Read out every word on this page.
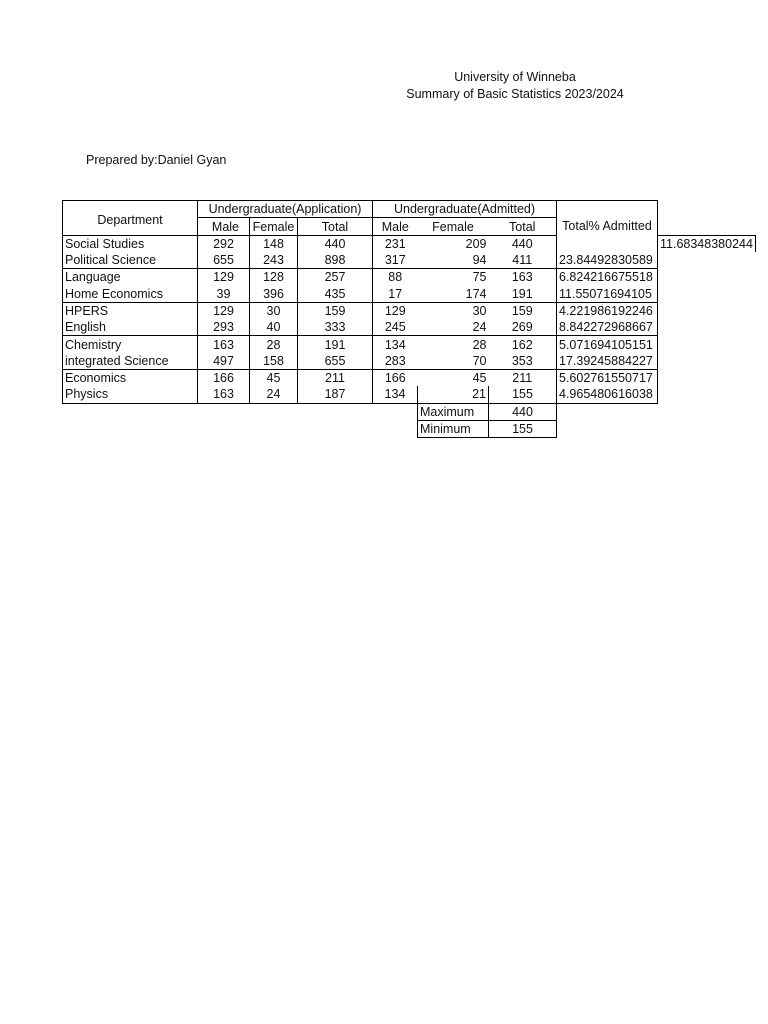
University of Winneba
Summary of Basic Statistics 2023/2024
Prepared by:Daniel Gyan
Department	Undergraduate(Application)			Undergraduate(Admitted)			Total% Admitted	
	Male	Female	Total	Male	Female	Total		
Social Studies	292	148	440	231	209	440		11.68348380244
Political Science	655	243	898	317	94	411	23.84492830589	
Language	129	128	257	88	75	163	6.824216675518	
Home Economics	39	396	435	17	174	191	11.55071694105	
HPERS	129	30	159	129	30	159	4.221986192246	
English	293	40	333	245	24	269	8.842272968667	
Chemistry	163	28	191	134	28	162	5.071694105151	
integrated Science	497	158	655	283	70	353	17.39245884227	
Economics	166	45	211	166	45	211	5.602761550717	
Physics	163	24	187	134	21	155	4.965480616038	
					Maximum	440		
					Minimum	155		
